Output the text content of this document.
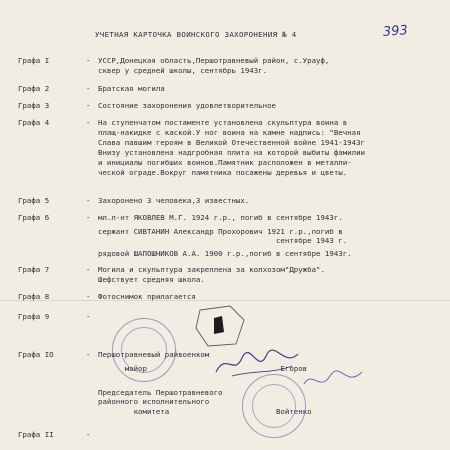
УЧЕТНАЯ КАРТОЧКА ВОИНСКОГО ЗАХОРОНЕНИЯ № 4	393
Графа I	- УССР,Донецкая область,Першотравневый район, с.Урауф,
сквер у средней школы, сентябрь 1943г.
Графа 2	- Братская могила
Графа 3	- Состояние захоронения удовлетворительное
Графа 4	- На ступенчатом постаменте установлена скульптура воина в
плащ-накидке с каской.У ног воина на камне надпись: "Вечная
Слава павшим героям в Великой Отечественной войне 1941-1943г
Внизу установлена надгробная плита на которой выбиты фамилии
и инициалы погибших воинов.Памятник расположен в металли-
ческой ограде.Вокруг памятника посажены деревья и цветы.
Графа 5	- Захоронено 3 человека,3 известных.
Графа 6	- мл.л-нт ЯКОВЛЕВ М.Г. 1924 г.р., погиб в сентябре 1943г.
сержант СИВТАНИН Александр Прохорович 1921 г.р.,погиб в
сентябре 1943 г.
рядовой ШАПОШНИКОВ А.А. 1900 г.р.,погиб в сентябре 1943г.
Графа 7	- Могила и скульптура закреплена за колхозом"Дружба".
Шефствует средняя школа.
Графа 8	- Фотоснимок прилагается
Графа 9	-
Графа IO	- Першотравневый райвоенком
майор                              Егоров
Председатель Першотравневого
районного исполнительного
комитета                        Войтенко
Графа II	-
